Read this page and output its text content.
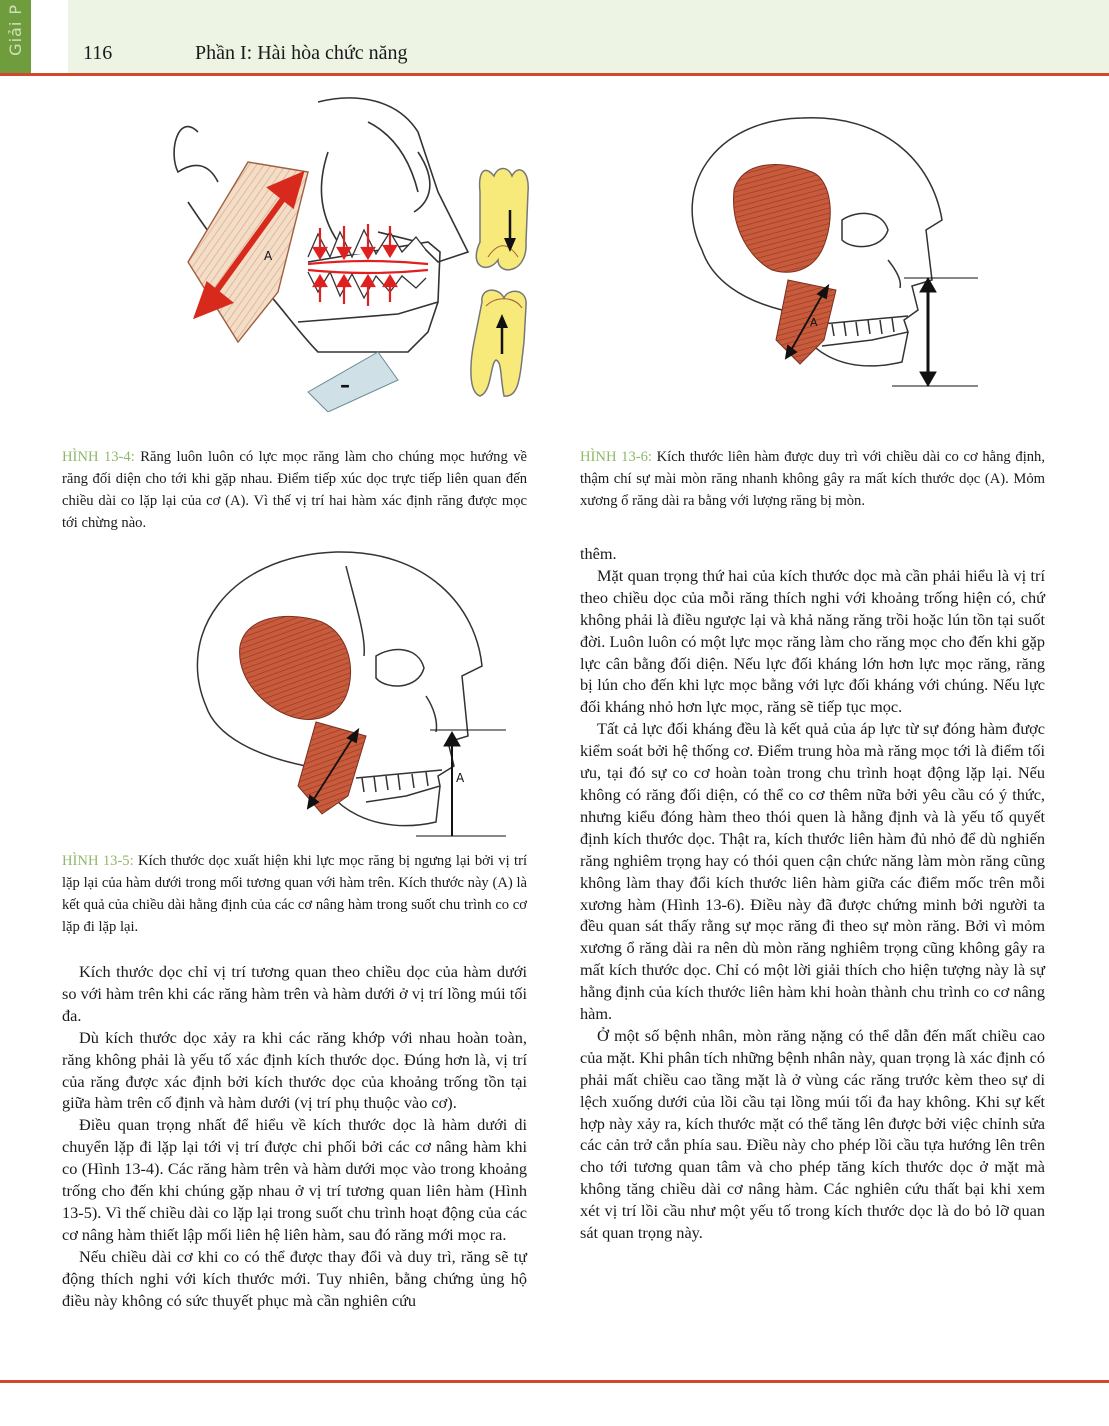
Giải P	116	Phần I: Hài hòa chức năng
–
A
HÌNH 13-4: Răng luôn luôn có lực mọc răng làm cho chúng mọc hướng về răng đối diện cho tới khi gặp nhau. Điểm tiếp xúc dọc trực tiếp liên quan đến chiều dài co lặp lại của cơ (A). Vì thế vị trí hai hàm xác định răng được mọc tới chừng nào.
A
HÌNH 13-6: Kích thước liên hàm được duy trì với chiều dài co cơ hằng định, thậm chí sự mài mòn răng nhanh không gây ra mất kích thước dọc (A). Mỏm xương ổ răng dài ra bằng với lượng răng bị mòn.
A
HÌNH 13-5: Kích thước dọc xuất hiện khi lực mọc răng bị ngưng lại bởi vị trí lặp lại của hàm dưới trong mối tương quan với hàm trên. Kích thước này (A) là kết quả của chiều dài hằng định của các cơ nâng hàm trong suốt chu trình co cơ lặp đi lặp lại.

Kích thước dọc chỉ vị trí tương quan theo chiều dọc của hàm dưới so với hàm trên khi các răng hàm trên và hàm dưới ở vị trí lồng múi tối đa.

Dù kích thước dọc xảy ra khi các răng khớp với nhau hoàn toàn, răng không phải là yếu tố xác định kích thước dọc. Đúng hơn là, vị trí của răng được xác định bởi kích thước dọc của khoảng trống tồn tại giữa hàm trên cố định và hàm dưới (vị trí phụ thuộc vào cơ).

Điều quan trọng nhất để hiểu về kích thước dọc là hàm dưới di chuyển lặp đi lặp lại tới vị trí được chi phối bởi các cơ nâng hàm khi co (Hình 13-4). Các răng hàm trên và hàm dưới mọc vào trong khoảng trống cho đến khi chúng gặp nhau ở vị trí tương quan liên hàm (Hình 13-5). Vì thế chiều dài co lặp lại trong suốt chu trình hoạt động của các cơ nâng hàm thiết lập mối liên hệ liên hàm, sau đó răng mới mọc ra.

Nếu chiều dài cơ khi co có thể được thay đổi và duy trì, răng sẽ tự động thích nghi với kích thước mới. Tuy nhiên, bằng chứng ủng hộ điều này không có sức thuyết phục mà cần nghiên cứu

thêm.

Mặt quan trọng thứ hai của kích thước dọc mà cần phải hiểu là vị trí theo chiều dọc của mỗi răng thích nghi với khoảng trống hiện có, chứ không phải là điều ngược lại và khả năng răng trồi hoặc lún tồn tại suốt đời. Luôn luôn có một lực mọc răng làm cho răng mọc cho đến khi gặp lực cân bằng đối diện. Nếu lực đối kháng lớn hơn lực mọc răng, răng bị lún cho đến khi lực mọc bằng với lực đối kháng với chúng. Nếu lực đối kháng nhỏ hơn lực mọc, răng sẽ tiếp tục mọc.

Tất cả lực đối kháng đều là kết quả của áp lực từ sự đóng hàm được kiểm soát bởi hệ thống cơ. Điểm trung hòa mà răng mọc tới là điểm tối ưu, tại đó sự co cơ hoàn toàn trong chu trình hoạt động lặp lại. Nếu không có răng đối diện, có thể co cơ thêm nữa bởi yêu cầu có ý thức, nhưng kiểu đóng hàm theo thói quen là hằng định và là yếu tố quyết định kích thước dọc. Thật ra, kích thước liên hàm đủ nhỏ để dù nghiến răng nghiêm trọng hay có thói quen cận chức năng làm mòn răng cũng không làm thay đổi kích thước liên hàm giữa các điểm mốc trên mỗi xương hàm (Hình 13-6). Điều này đã được chứng minh bởi người ta đều quan sát thấy rằng sự mọc răng đi theo sự mòn răng. Bởi vì mỏm xương ổ răng dài ra nên dù mòn răng nghiêm trọng cũng không gây ra mất kích thước dọc. Chỉ có một lời giải thích cho hiện tượng này là sự hằng định của kích thước liên hàm khi hoàn thành chu trình co cơ nâng hàm.

Ở một số bệnh nhân, mòn răng nặng có thể dẫn đến mất chiều cao của mặt. Khi phân tích những bệnh nhân này, quan trọng là xác định có phải mất chiều cao tầng mặt là ở vùng các răng trước kèm theo sự di lệch xuống dưới của lồi cầu tại lồng múi tối đa hay không. Khi sự kết hợp này xảy ra, kích thước mặt có thể tăng lên được bởi việc chỉnh sửa các cản trở cắn phía sau. Điều này cho phép lồi cầu tựa hướng lên trên cho tới tương quan tâm và cho phép tăng kích thước dọc ở mặt mà không tăng chiều dài cơ nâng hàm. Các nghiên cứu thất bại khi xem xét vị trí lồi cầu như một yếu tố trong kích thước dọc là do bỏ lỡ quan sát quan trọng này.
